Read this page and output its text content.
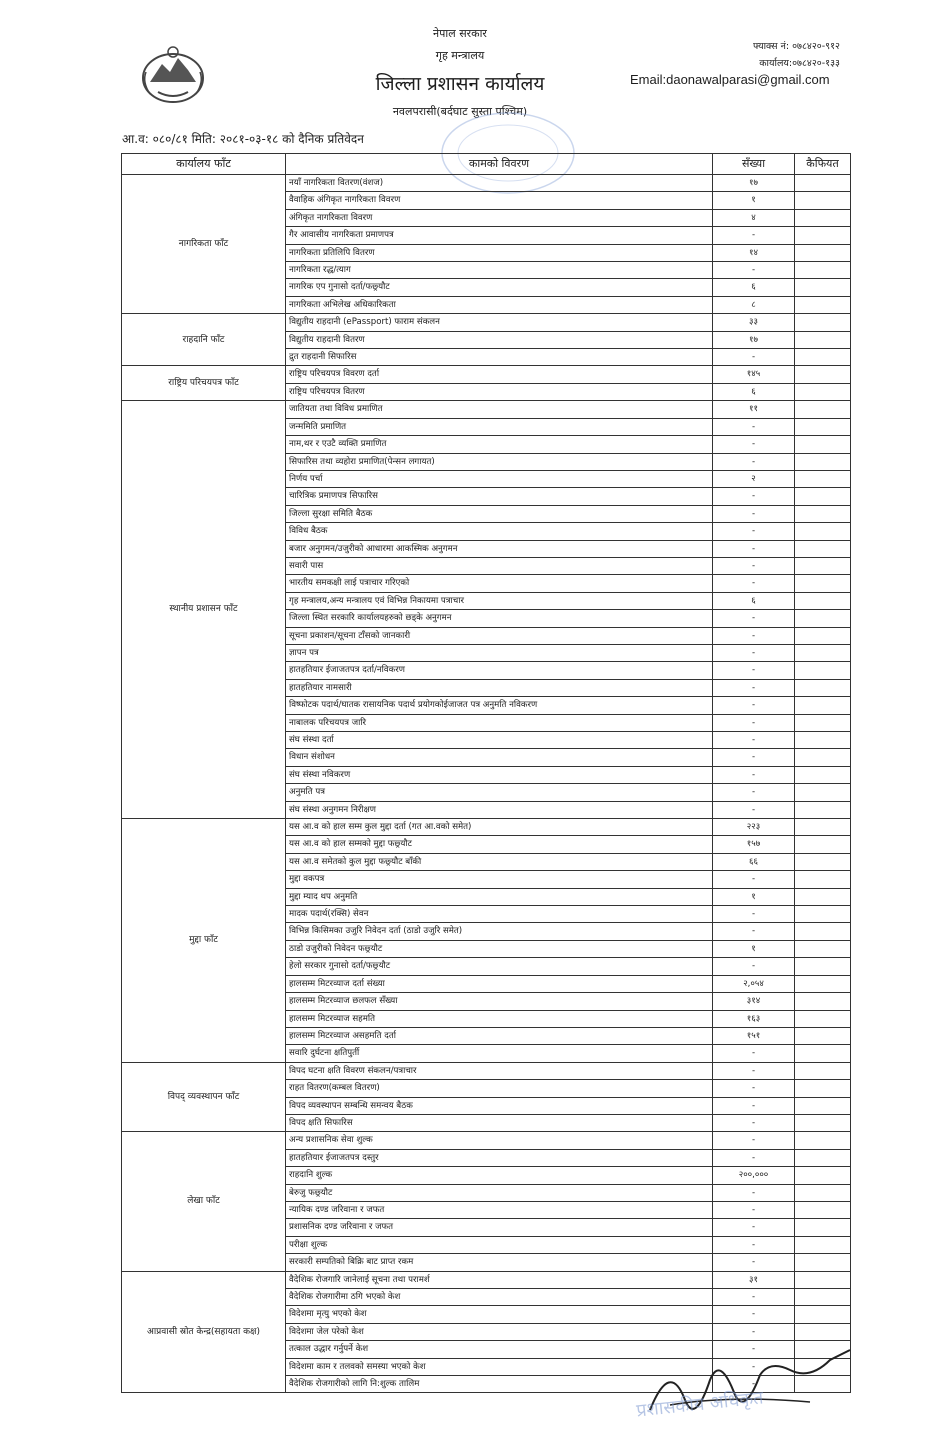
नेपाल सरकार
गृह मन्त्रालय
जिल्ला प्रशासन कार्यालय
नवलपरासी(बर्दघाट सुस्ता पश्चिम)
फ्याक्स नं: ०७८४२०-९१२
कार्यालय:०७८४२०-१३३
Email:daonawalparasi@gmail.com
आ.व: ०८०/८१ मिति: २०८१-०३-१८ को दैनिक प्रतिवेदन
कार्यालय फाँट	कामको विवरण	सँख्या	कैफियत
नागरिकता फाँट	नयाँ नागरिकता वितरण(वंशज)	१७	
	वैवाहिक अंगिकृत नागरिकता विवरण	१	
	अंगिकृत नागरिकता विवरण	४	
	गैर आवासीय नागरिकता प्रमाणपत्र	-	
	नागरिकता प्रतिलिपि वितरण	१४	
	नागरिकता रद्ध/त्याग	-	
	नागरिक एप गुनासो दर्ता/फछ्र्यौट	६	
	नागरिकता अभिलेख अधिकारिकता	८	
राहदानि फाँट	विद्युतीय राहदानी (ePassport) फाराम संकलन	३३	
	विद्युतीय राहदानी वितरण	१७	
	द्रुत राहदानी सिफारिस	-	
राष्ट्रिय परिचयपत्र फाँट	राष्ट्रिय परिचयपत्र विवरण दर्ता	१४५	
	राष्ट्रिय परिचयपत्र वितरण	६	
स्थानीय प्रशासन फाँट	जातियता तथा विविध प्रमाणित	११	
	जन्ममिति प्रमाणित	-	
	नाम,थर र एउटै व्यक्ति प्रमाणित	-	
	सिफारिस तथा व्यहोरा प्रमाणित(पेन्सन लगायत)	-	
	निर्णय पर्चा	२	
	चारित्रिक प्रमाणपत्र सिफारिस	-	
	जिल्ला सुरक्षा समिति बैठक	-	
	विविध बैठक	-	
	बजार अनुगमन/उजुरीको आधारमा आकस्मिक अनुगमन	-	
	सवारी पास	-	
	भारतीय समकक्षी लाई पत्राचार गरिएको	-	
	गृह मन्त्रालय,अन्य मन्त्रालय एवं विभिन्न निकायमा पत्राचार	६	
	जिल्ला स्थित सरकारि कार्यालयहरुको छड्के अनुगमन	-	
	सूचना प्रकाशन/सूचना टाँसको जानकारी	-	
	ज्ञापन पत्र	-	
	हातहतियार ईजाजतपत्र दर्ता/नविकरण	-	
	हातहतियार नामसारी	-	
	विष्फोटक पदार्थ/घातक रासायनिक पदार्थ प्रयोगकोईजाजत पत्र अनुमति नविकरण	-	
	नाबालक परिचयपत्र जारि	-	
	संघ संस्था दर्ता	-	
	विधान संशोधन	-	
	संघ संस्था नविकरण	-	
	अनुमति पत्र	-	
	संघ संस्था अनुगमन निरीक्षण	-	
मुद्दा फाँट	यस आ.व को हाल सम्म कुल मुद्दा दर्ता (गत आ.वको समेत)	२२३	
	यस आ.व को हाल सम्मको मुद्दा फछ्र्यौट	१५७	
	यस आ.व समेतको कुल मुद्दा फछ्र्यौट बाँकी	६६	
	मुद्दा वकपत्र	-	
	मुद्दा म्याद थप अनुमति	१	
	मादक पदार्थ(रक्सि) सेवन	-	
	विभिन्न किसिमका उजुरि निवेदन दर्ता (ठाडो उजुरि समेत)	-	
	ठाडो उजुरीको निवेदन फछ्र्यौट	१	
	हेलो सरकार गुनासो दर्ता/फछ्र्यौट	-	
	हालसम्म मिटरव्याज दर्ता संख्या	२,०५४	
	हालसम्म मिटरव्याज छलफल सँख्या	३१४	
	हालसम्म मिटरव्याज सहमति	१६३	
	हालसम्म मिटरव्याज असहमति दर्ता	१५१	
	सवारि दुर्घटना क्षतिपुर्ती	-	
विपद् व्यवस्थापन फाँट	विपद घटना क्षति विवरण संकलन/पत्राचार	-	
	राहत वितरण(कम्बल वितरण)	-	
	विपद व्यवस्थापन सम्बन्धि समन्वय बैठक	-	
	विपद क्षति सिफारिस	-	
लेखा फाँट	अन्य प्रशासनिक सेवा शुल्क	-	
	हातहतियार ईजाजतपत्र दस्तुर	-	
	राहदानि शुल्क	२००,०००	
	बेरुजु फछ्र्यौट	-	
	न्यायिक दण्ड जरिवाना र जफत	-	
	प्रशासनिक दण्ड जरिवाना र जफत	-	
	परीक्षा शुल्क	-	
	सरकारी सम्पतिको बिक्रि बाट प्राप्त रकम	-	
आप्रवासी स्रोत केन्द्र(सहायता कक्ष)	वैदेशिक रोजगारि जानेलाई सूचना तथा परामर्श	३१	
	वैदेशिक रोजगारीमा ठगि भएको केश	-	
	विदेशमा मृत्यु भएको केश	-	
	विदेशमा जेल परेको केश	-	
	तत्काल उद्धार गर्नुपर्ने केश	-	
	विदेशमा काम र तलवको समस्या भएको केश	-	
	वैदेशिक रोजगारीको लागि नि:शुल्क तालिम	-	
प्रशासकीय अधिकृत
